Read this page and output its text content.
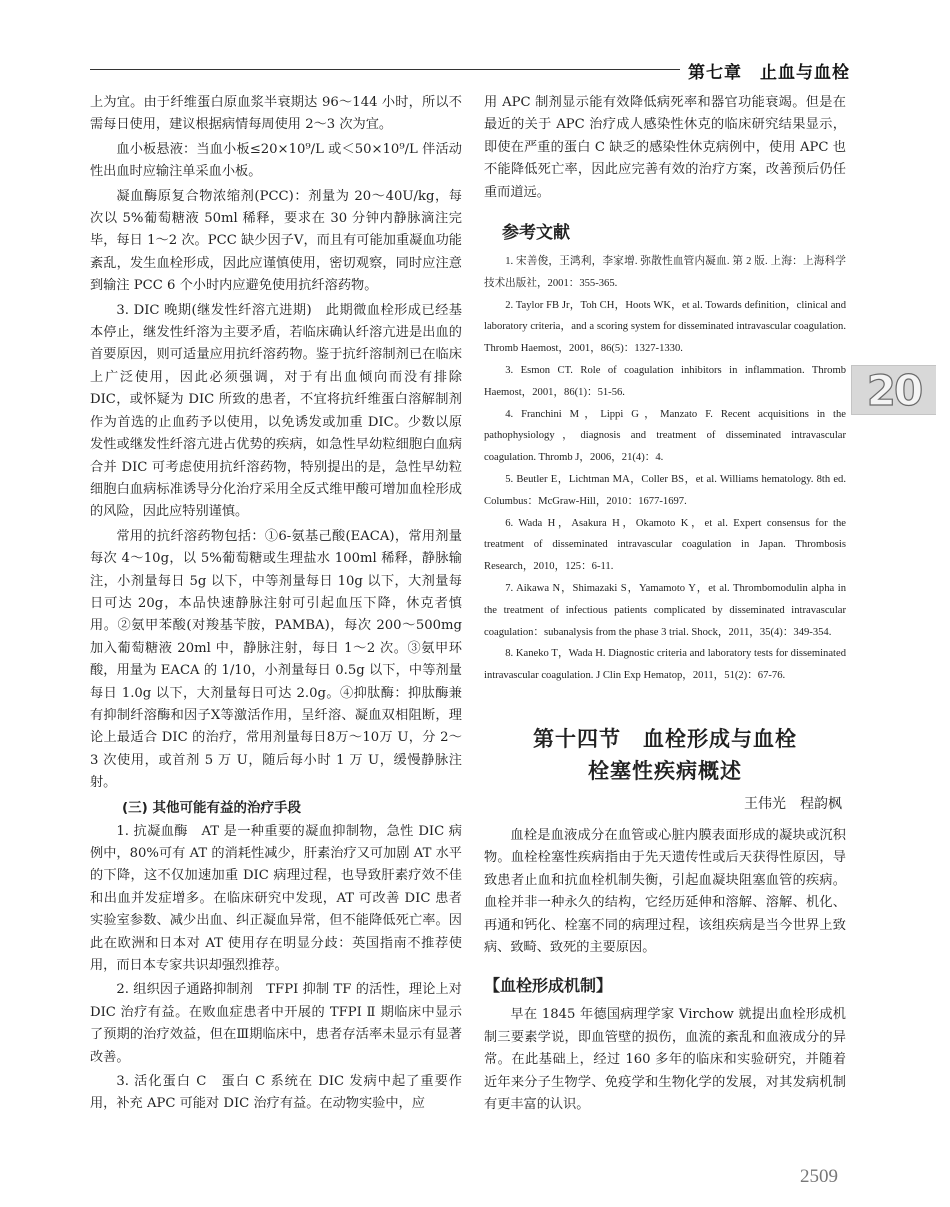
第七章　止血与血栓

上为宜。由于纤维蛋白原血浆半衰期达 96～144 小时，所以不需每日使用，建议根据病情每周使用 2～3 次为宜。

血小板悬液：当血小板≤20×10⁹/L 或＜50×10⁹/L 伴活动性出血时应输注单采血小板。

凝血酶原复合物浓缩剂(PCC)：剂量为 20～40U/kg，每次以 5%葡萄糖液 50ml 稀释，要求在 30 分钟内静脉滴注完毕，每日 1～2 次。PCC 缺少因子Ⅴ，而且有可能加重凝血功能紊乱，发生血栓形成，因此应谨慎使用，密切观察，同时应注意到输注 PCC 6 个小时内应避免使用抗纤溶药物。

3. DIC 晚期(继发性纤溶亢进期)　此期微血栓形成已经基本停止，继发性纤溶为主要矛盾，若临床确认纤溶亢进是出血的首要原因，则可适量应用抗纤溶药物。鉴于抗纤溶制剂已在临床上广泛使用，因此必须强调，对于有出血倾向而没有排除 DIC，或怀疑为 DIC 所致的患者，不宜将抗纤维蛋白溶解制剂作为首选的止血药予以使用，以免诱发或加重 DIC。少数以原发性或继发性纤溶亢进占优势的疾病，如急性早幼粒细胞白血病合并 DIC 可考虑使用抗纤溶药物，特别提出的是，急性早幼粒细胞白血病标准诱导分化治疗采用全反式维甲酸可增加血栓形成的风险，因此应特别谨慎。

常用的抗纤溶药物包括：①6-氨基己酸(EACA)，常用剂量每次 4～10g，以 5%葡萄糖或生理盐水 100ml 稀释，静脉输注，小剂量每日 5g 以下，中等剂量每日 10g 以下，大剂量每日可达 20g，本品快速静脉注射可引起血压下降，休克者慎用。②氨甲苯酸(对羧基苄胺，PAMBA)，每次 200～500mg 加入葡萄糖液 20ml 中，静脉注射，每日 1～2 次。③氨甲环酸，用量为 EACA 的 1/10，小剂量每日 0.5g 以下，中等剂量每日 1.0g 以下，大剂量每日可达 2.0g。④抑肽酶：抑肽酶兼有抑制纤溶酶和因子Ⅹ等激活作用，呈纤溶、凝血双相阻断，理论上最适合 DIC 的治疗，常用剂量每日8万～10万 U，分 2～3 次使用，或首剂 5 万 U，随后每小时 1 万 U，缓慢静脉注射。

(三) 其他可能有益的治疗手段

1. 抗凝血酶　AT 是一种重要的凝血抑制物，急性 DIC 病例中，80%可有 AT 的消耗性减少，肝素治疗又可加剧 AT 水平的下降，这不仅加速加重 DIC 病理过程，也导致肝素疗效不佳和出血并发症增多。在临床研究中发现，AT 可改善 DIC 患者实验室参数、减少出血、纠正凝血异常，但不能降低死亡率。因此在欧洲和日本对 AT 使用存在明显分歧：英国指南不推荐使用，而日本专家共识却强烈推荐。

2. 组织因子通路抑制剂　TFPI 抑制 TF 的活性，理论上对 DIC 治疗有益。在败血症患者中开展的 TFPI Ⅱ 期临床中显示了预期的治疗效益，但在Ⅲ期临床中，患者存活率未显示有显著改善。

3. 活化蛋白 C　蛋白 C 系统在 DIC 发病中起了重要作用，补充 APC 可能对 DIC 治疗有益。在动物实验中，应

用 APC 制剂显示能有效降低病死率和器官功能衰竭。但是在最近的关于 APC 治疗成人感染性休克的临床研究结果显示，即使在严重的蛋白 C 缺乏的感染性休克病例中，使用 APC 也不能降低死亡率，因此应完善有效的治疗方案，改善预后仍任重而道远。

参考文献

1. 宋善俊，王鸿利，李家增. 弥散性血管内凝血. 第 2 版. 上海：上海科学技术出版社，2001：355-365.

2. Taylor FB Jr，Toh CH，Hoots WK，et al. Towards definition，clinical and laboratory criteria，and a scoring system for disseminated intravascular coagulation. Thromb Haemost，2001，86(5)：1327-1330.

3. Esmon CT. Role of coagulation inhibitors in inflammation. Thromb Haemost，2001，86(1)：51-56.

4. Franchini M，Lippi G，Manzato F. Recent acquisitions in the pathophysiology，diagnosis and treatment of disseminated intravascular coagulation. Thromb J，2006，21(4)：4.

5. Beutler E，Lichtman MA，Coller BS，et al. Williams hematology. 8th ed. Columbus：McGraw-Hill，2010：1677-1697.

6. Wada H，Asakura H，Okamoto K，et al. Expert consensus for the treatment of disseminated intravascular coagulation in Japan. Thrombosis Research，2010，125：6-11.

7. Aikawa N，Shimazaki S，Yamamoto Y，et al. Thrombomodulin alpha in the treatment of infectious patients complicated by disseminated intravascular coagulation：subanalysis from the phase 3 trial. Shock，2011，35(4)：349-354.

8. Kaneko T，Wada H. Diagnostic criteria and laboratory tests for disseminated intravascular coagulation. J Clin Exp Hematop，2011，51(2)：67-76.

第十四节　血栓形成与血栓
栓塞性疾病概述
王伟光　程韵枫

血栓是血液成分在血管或心脏内膜表面形成的凝块或沉积物。血栓栓塞性疾病指由于先天遗传性或后天获得性原因，导致患者止血和抗血栓机制失衡，引起血凝块阻塞血管的疾病。血栓并非一种永久的结构，它经历延伸和溶解、溶解、机化、再通和钙化、栓塞不同的病理过程，该组疾病是当今世界上致病、致畸、致死的主要原因。

【血栓形成机制】

早在 1845 年德国病理学家 Virchow 就提出血栓形成机制三要素学说，即血管壁的损伤，血流的紊乱和血液成分的异常。在此基础上，经过 160 多年的临床和实验研究，并随着近年来分子生物学、免疫学和生物化学的发展，对其发病机制有更丰富的认识。

20
2509
